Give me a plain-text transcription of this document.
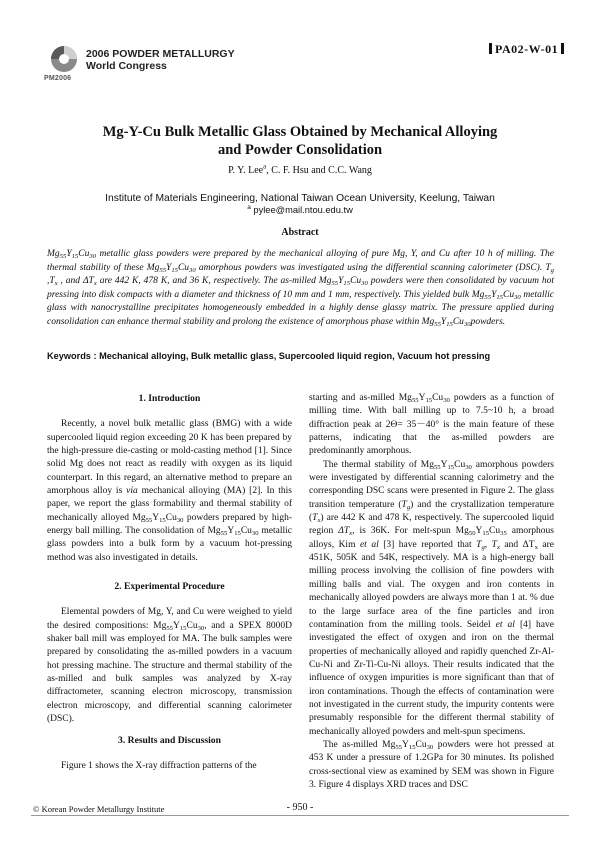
2006 POWDER METALLURGY
World Congress
PM2006
PA02-W-01
Mg-Y-Cu Bulk Metallic Glass Obtained by Mechanical Alloying
and Powder Consolidation
P. Y. Lee$^a$, C. F. Hsu and C.C. Wang
Institute of Materials Engineering, National Taiwan Ocean University, Keelung, Taiwan
$^a$ pylee@mail.ntou.edu.tw
Abstract
$Mg_{55}Y_{15}Cu_{30}$ metallic glass powders were prepared by the mechanical alloying of pure Mg, Y, and Cu after 10 h of milling. The thermal stability of these $Mg_{55}Y_{15}Cu_{30}$ amorphous powders was investigated using the differential scanning calorimeter (DSC). $T_g$ $,T_x$ , and $\Delta T_x$ are 442 K, 478 K, and 36 K, respectively. The as-milled $Mg_{55}Y_{15}Cu_{30}$ powders were then consolidated by vacuum hot pressing into disk compacts with a diameter and thickness of 10 mm and 1 mm, respectively. This yielded bulk $Mg_{55}Y_{15}Cu_{30}$ metallic glass with nanocrystalline precipitates homogeneously embedded in a highly dense glassy matrix. The pressure applied during consolidation can enhance thermal stability and prolong the existence of amorphous phase within $Mg_{55}Y_{15}Cu_{30}powders$.
Keywords : Mechanical alloying, Bulk metallic glass, Supercooled liquid region, Vacuum hot pressing
1. Introduction

Recently, a novel bulk metallic glass (BMG) with a wide supercooled liquid region exceeding 20 K has been prepared by the high-pressure die-casting or mold-casting method [1]. Since solid Mg does not react as readily with oxygen as its liquid counterpart. In this regard, an alternative method to prepare an amorphous alloy is via mechanical alloying (MA) [2]. In this paper, we report the glass formability and thermal stability of mechanically alloyed $Mg_{55}Y_{15}Cu_{30}$ powders prepared by high-energy ball milling. The consolidation of $Mg_{55}Y_{15}Cu_{30}$ metallic glass powders into a bulk form by a vacuum hot-pressing method was also investigated in details.

2. Experimental Procedure

Elemental powders of Mg, Y, and Cu were weighed to yield the desired compositions: $Mg_{55}Y_{15}Cu_{30}$, and a SPEX 8000D shaker ball mill was employed for MA. The bulk samples were prepared by consolidating the as-milled powders in a vacuum hot pressing machine. The structure and thermal stability of the as-milled and bulk samples was analyzed by X-ray diffractometer, scanning electron microscopy, transmission electron microscopy, and differential scanning calorimeter (DSC).

3. Results and Discussion

Figure 1 shows the X-ray diffraction patterns of the

starting and as-milled $Mg_{55}Y_{15}Cu_{30}$ powders as a function of milling time. With ball milling up to 7.5~10 h, a broad diffraction peak at 2Θ= 35－40° is the main feature of these patterns, indicating that the as-milled powders are predominantly amorphous.

The thermal stability of $Mg_{55}Y_{15}Cu_{30}$ amorphous powders were investigated by differential scanning calorimetry and the corresponding DSC scans were presented in Figure 2. The glass transition temperature $(T_g)$ and the crystallization temperature $(T_x)$ are 442 K and 478 K, respectively. The supercooled liquid region $\Delta T_x$, is 36K. For melt-spun $Mg_{50}Y_{15}Cu_{35}$ amorphous alloys, Kim et al [3] have reported that $T_g$, $T_x$ and $\Delta T_x$ are 451K, 505K and 54K, respectively. MA is a high-energy ball milling process involving the collision of fine powders with milling balls and vial. The oxygen and iron contents in mechanically alloyed powders are always more than 1 at. % due to the large surface area of the fine particles and iron contamination from the milling tools. Seidel et al [4] have investigated the effect of oxygen and iron on the thermal properties of mechanically alloyed and rapidly quenched Zr-Al-Cu-Ni and Zr-Ti-Cu-Ni alloys. Their results indicated that the influence of oxygen impurities is more significant than that of iron contaminations. Though the effects of contamination were not investigated in the current study, the impurity contents were presumably responsible for the different thermal stability of mechanically alloyed powders and melt-spun specimens.

The as-milled $Mg_{55}Y_{15}Cu_{30}$ powders were hot pressed at 453 K under a pressure of 1.2GPa for 30 minutes. Its polished cross-sectional view as examined by SEM was shown in Figure 3. Figure 4 displays XRD traces and DSC

© Korean Powder Metallurgy Institute	- 950 -
